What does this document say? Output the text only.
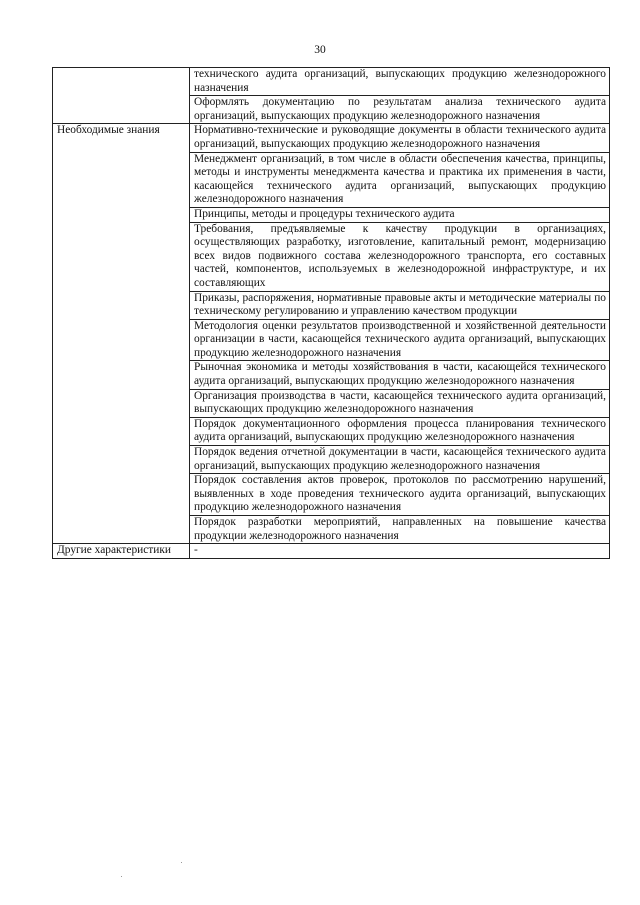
30
	технического аудита организаций, выпускающих продукцию железнодорожного назначения
	Оформлять документацию по результатам анализа технического аудита организаций, выпускающих продукцию железнодорожного назначения

Необходимые знания	Нормативно-технические и руководящие документы в области технического аудита организаций, выпускающих продукцию железнодорожного назначения
	Менеджмент организаций, в том числе в области обеспечения качества, принципы, методы и инструменты менеджмента качества и практика их применения в части, касающейся технического аудита организаций, выпускающих продукцию железнодорожного назначения
	Принципы, методы и процедуры технического аудита
	Требования, предъявляемые к качеству продукции в организациях, осуществляющих разработку, изготовление, капитальный ремонт, модернизацию всех видов подвижного состава железнодорожного транспорта, его составных частей, компонентов, используемых в железнодорожной инфраструктуре, и их составляющих
	Приказы, распоряжения, нормативные правовые акты и методические материалы по техническому регулированию и управлению качеством продукции
	Методология оценки результатов производственной и хозяйственной деятельности организации в части, касающейся технического аудита организаций, выпускающих продукцию железнодорожного назначения
	Рыночная экономика и методы хозяйствования в части, касающейся технического аудита организаций, выпускающих продукцию железнодорожного назначения
	Организация производства в части, касающейся технического аудита организаций, выпускающих продукцию железнодорожного назначения
	Порядок документационного оформления процесса планирования технического аудита организаций, выпускающих продукцию железнодорожного назначения
	Порядок ведения отчетной документации в части, касающейся технического аудита организаций, выпускающих продукцию железнодорожного назначения
	Порядок составления актов проверок, протоколов по рассмотрению нарушений, выявленных в ходе проведения технического аудита организаций, выпускающих продукцию железнодорожного назначения
	Порядок разработки мероприятий, направленных на повышение качества продукции железнодорожного назначения

Другие характеристики	-
